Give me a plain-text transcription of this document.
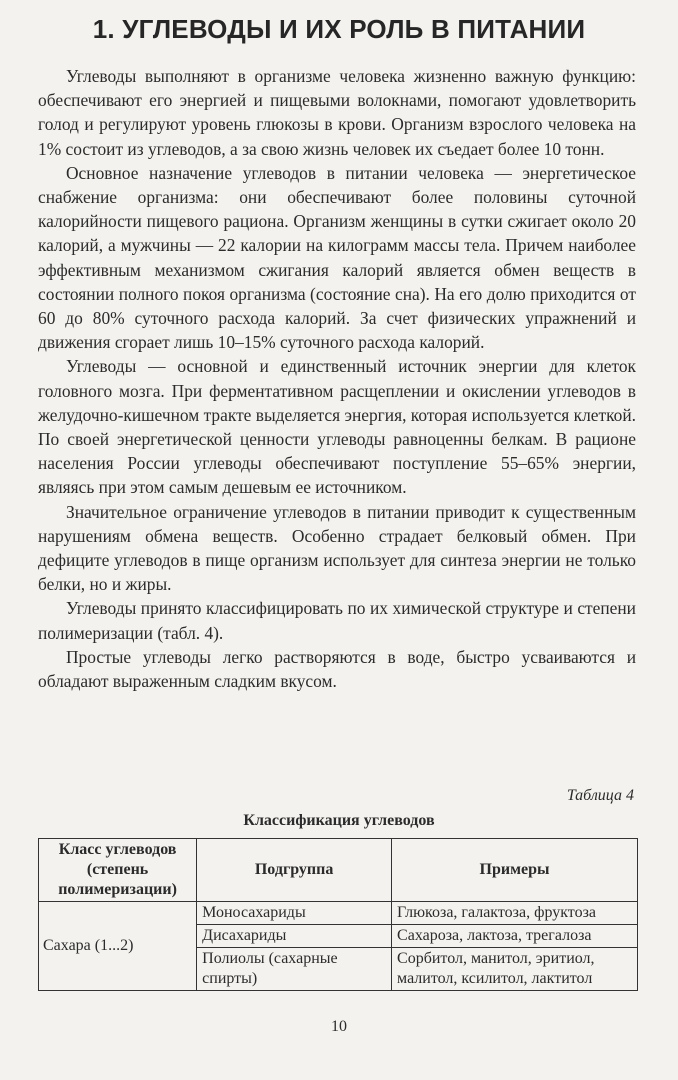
1. УГЛЕВОДЫ И ИХ РОЛЬ В ПИТАНИИ

Углеводы выполняют в организме человека жизненно важную функцию: обеспечивают его энергией и пищевыми волокнами, помогают удовлетворить голод и регулируют уровень глюкозы в крови. Организм взрослого человека на 1% состоит из углеводов, а за свою жизнь человек их съедает более 10 тонн.

Основное назначение углеводов в питании человека — энергетическое снабжение организма: они обеспечивают более половины суточной калорийности пищевого рациона. Организм женщины в сутки сжигает около 20 калорий, а мужчины — 22 калории на килограмм массы тела. Причем наиболее эффективным механизмом сжигания калорий является обмен веществ в состоянии полного покоя организма (состояние сна). На его долю приходится от 60 до 80% суточного расхода калорий. За счет физических упражнений и движения сгорает лишь 10–15% суточного расхода калорий.

Углеводы — основной и единственный источник энергии для клеток головного мозга. При ферментативном расщеплении и окислении углеводов в желудочно-кишечном тракте выделяется энергия, которая используется клеткой. По своей энергетической ценности углеводы равноценны белкам. В рационе населения России углеводы обеспечивают поступление 55–65% энергии, являясь при этом самым дешевым ее источником.

Значительное ограничение углеводов в питании приводит к существенным нарушениям обмена веществ. Особенно страдает белковый обмен. При дефиците углеводов в пище организм использует для синтеза энергии не только белки, но и жиры.

Углеводы принято классифицировать по их химической структуре и степени полимеризации (табл. 4).

Простые углеводы легко растворяются в воде, быстро усваиваются и обладают выраженным сладким вкусом.

Таблица 4
Классификация углеводов
Класс углеводов (степень полимеризации)	Подгруппа	Примеры
Сахара (1...2)	Моносахариды	Глюкоза, галактоза, фруктоза
	Дисахариды	Сахароза, лактоза, трегалоза
	Полиолы (сахарные спирты)	Сорбитол, манитол, эритиол, малитол, ксилитол, лактитол
10
